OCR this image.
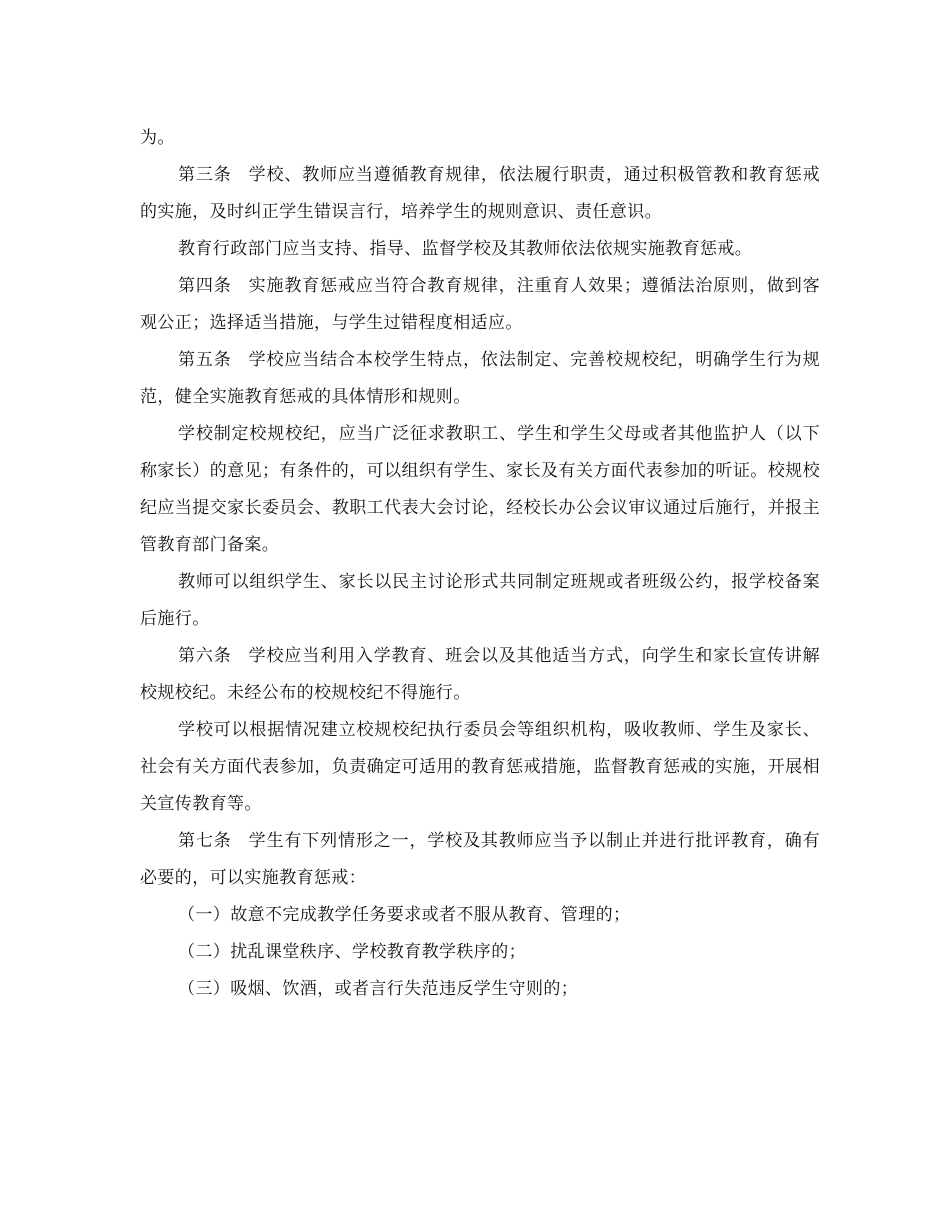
为。

第三条 学校、教师应当遵循教育规律，依法履行职责，通过积极管教和教育惩戒的实施，及时纠正学生错误言行，培养学生的规则意识、责任意识。

教育行政部门应当支持、指导、监督学校及其教师依法依规实施教育惩戒。

第四条 实施教育惩戒应当符合教育规律，注重育人效果；遵循法治原则，做到客观公正；选择适当措施，与学生过错程度相适应。

第五条 学校应当结合本校学生特点，依法制定、完善校规校纪，明确学生行为规范，健全实施教育惩戒的具体情形和规则。

学校制定校规校纪，应当广泛征求教职工、学生和学生父母或者其他监护人（以下称家长）的意见；有条件的，可以组织有学生、家长及有关方面代表参加的听证。校规校纪应当提交家长委员会、教职工代表大会讨论，经校长办公会议审议通过后施行，并报主管教育部门备案。

教师可以组织学生、家长以民主讨论形式共同制定班规或者班级公约，报学校备案后施行。

第六条 学校应当利用入学教育、班会以及其他适当方式，向学生和家长宣传讲解校规校纪。未经公布的校规校纪不得施行。

学校可以根据情况建立校规校纪执行委员会等组织机构，吸收教师、学生及家长、社会有关方面代表参加，负责确定可适用的教育惩戒措施，监督教育惩戒的实施，开展相关宣传教育等。

第七条 学生有下列情形之一，学校及其教师应当予以制止并进行批评教育，确有必要的，可以实施教育惩戒：

（一）故意不完成教学任务要求或者不服从教育、管理的；

（二）扰乱课堂秩序、学校教育教学秩序的；

（三）吸烟、饮酒，或者言行失范违反学生守则的；
